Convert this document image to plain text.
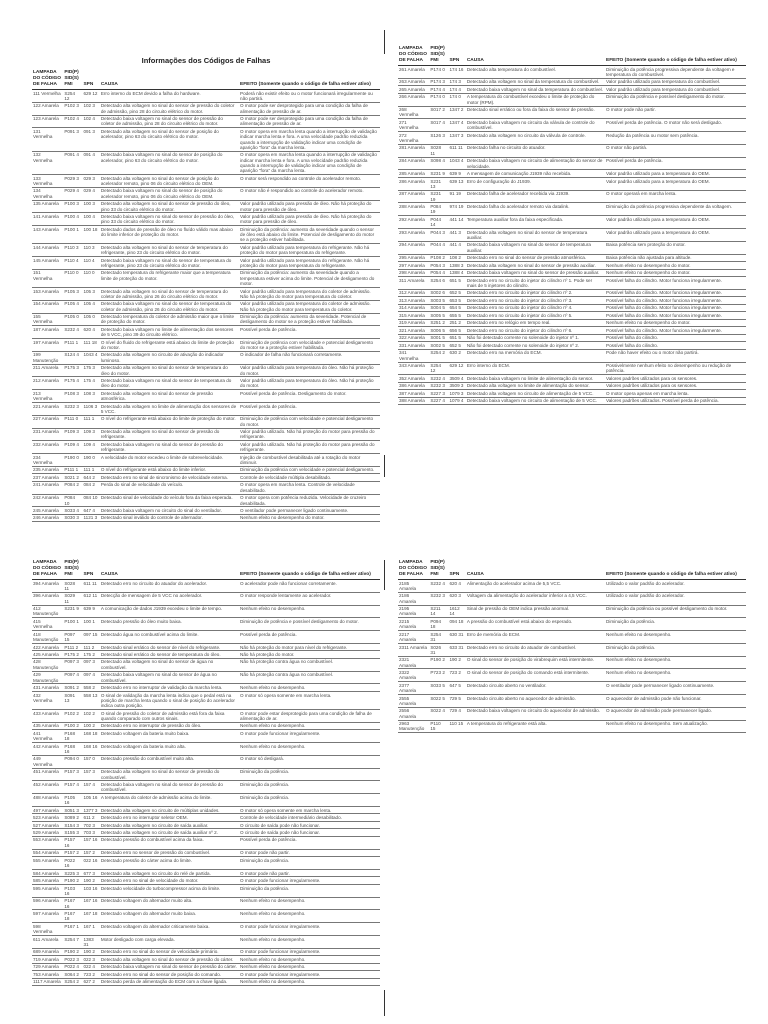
Informações dos Códigos de Falhas
LAMPADA DO CÓDIGO DE FALHA	PID(P) SID(S) FMI	SPN	CAUSA	EFEITO (Somente quando o código de falha estiver ativo)
111 Vermelha	S254 12	629 12	Erro interno do ECM devido a falha do hardware.	Poderá não existir efeito ou o motor funcionará irregularmente ou não partirá.
122 Amarela	P102 3	102 3	Detectado alta voltagem no sinal do sensor de pressão do coletor de admissão, pino 28 do circuito elétrico do motor.	O motor pode ser desprotegido para uma condição da falha de alimentação de pressão de ar.
123 Amarela	P102 4	102 4	Detectado baixa voltagem no sinal do sensor de pressão do coletor de admissão, pino 28 do circuito elétrico do motor.	O motor pode ser desprotegido para uma condição da falha de alimentação de pressão de ar.
131 Vermelha	P091 3	091 3	Detectado alta voltagem no sinal do sensor de posição do acelerador, pino 63 do circuito elétrico do motor.	O motor opera em marcha lenta quando a interrupção de validação indicar marcha lenta e fora. A uma velocidade padrão reduzida quando a interrupção de validação indicar uma condição de aparição "fora" da marcha lenta.
132 Vermelha	P091 4	091 4	Detectado baixa voltagem no sinal do sensor de posição do acelerador, pino 63 do circuito elétrico do motor.	O motor opera em marcha lenta quando a interrupção de validação indicar marcha lenta e fora. A uma velocidade padrão reduzida quando a interrupção de validação indicar uma condição de aparição "fora" da marcha lenta.
133 Vermelha	P029 3	029 3	Detectado alta voltagem no sinal do sensor de posição do acelerador remoto, pino 06 do circuito elétrico do OEM.	O motor será respondido ao controle do acelerador remoto.
134 Vermelha	P029 4	029 4	Detectado baixa voltagem no sinal do sensor de posição do acelerador remoto, pino 06 do circuito elétrico do OEM.	O motor não é respondido ao controle do acelerador remoto.
135 Amarela	P100 3	100 3	Detectado alta voltagem no sinal do sensor de pressão do óleo, pino 33 do circuito elétrico do motor.	Valor padrão utilizado para pressão de óleo. Não há proteção do motor para pressão de óleo.
141 Amarela	P100 4	100 4	Detectado baixa voltagem no sinal do sensor de pressão do óleo, pino 33 do circuito elétrico do motor.	Valor padrão utilizado para pressão de óleo. Não há proteção do motor para pressão de óleo.
143 Amarela	P100 1	100 18	Detectado dados de pressão de óleo no fluído válido mas abaixo do limite inferior de proteção do motor.	Diminuição da potência: aumento da severidade quando o sensor de óleo está abaixo do limite. Potencial de desligamento do motor se a proteção estiver habilitada.
144 Amarela	P110 3	110 3	Detectado alta voltagem no sinal do sensor de temperatura do refrigerante, pino 23 do circuito elétrico do motor.	Valor padrão utilizado para temperatura do refrigerante. Não há proteção do motor para temperatura do refrigerante.
145 Amarela	P110 4	110 4	Detectado baixa voltagem no sinal do sensor de temperatura do refrigerante, pino 23 do circuito elétrico do motor.	Valor padrão utilizado para temperatura do refrigerante. Não há proteção do motor para temperatura do refrigerante.
151 Vermelha	P110 0	110 0	Detectado temperatura do refrigerante maior que a temperatura limite de proteção do motor.	Diminuição da potência: aumento da severidade quando a temperatura estiver acima do limite. Potencial de desligamento do motor.
153 Amarela	P105 3	105 3	Detectado alta voltagem no sinal do sensor de temperatura do coletor de admissão, pino 26 do circuito elétrico do motor.	Valor padrão utilizado para temperatura do coletor de admissão. Não há proteção do motor para temperatura do coletor.
154 Amarela	P105 4	105 4	Detectado baixa voltagem no sinal do sensor de temperatura do coletor de admissão, pino 26 do circuito elétrico do motor.	Valor padrão utilizado para temperatura do coletor de admissão. Não há proteção do motor para temperatura do coletor.
155 Vermelha	P105 0	105 0	Detectado temperatura do coletor de admissão maior que o limite de proteção do motor.	Diminuição da potência: aumento da severidade. Potencial de desligamento do motor se a proteção estiver habilitada.
187 Amarela	S232 4	620 4	Detectado baixa voltagem no limite de alimentação dos sensores de 5 VCC, pino 39 do circuito elétrico.	Possível perda de potência.
197 Amarela	P111 1	111 18	O nível do fluido do refrigerante está abaixo do limite de proteção do motor.	Diminuição de potência com velocidade e potencial desligamento do motor se a proteção estiver habilitada.
199 Manutenção	S124 4	1043 4	Detectado alta voltagem no circuito de ativação do indicador luminoso.	O indicador de falha não funcionará corretamente.
211 Amarela	P175 3	175 3	Detectado alta voltagem no sinal do sensor de temperatura do óleo do motor.	Valor padrão utilizado para temperatura do óleo. Não há proteção do motor.
212 Amarela	P175 4	175 4	Detectado baixa voltagem no sinal do sensor de temperatura do óleo do motor.	Valor padrão utilizado para temperatura do óleo. Não há proteção do motor.
213 Vermelha	P108 3	108 3	Detectado alta voltagem no sinal do sensor de pressão atmosférica.	Possível perda de potência. Desligamento do motor.
221 Amarela	S232 3	1106 3	Detectado alta voltagem no limite de alimentação dos sensores de 5 VCC.	Possível perda de potência.
227 Amarela	P111 0	111 1	O nível do refrigerante está abaixo do limite de proteção do motor.	Diminuição de potência com velocidade e potencial desligamento do motor.
231 Amarela	P109 3	109 3	Detectado alta voltagem no sinal do sensor de pressão do refrigerante.	Valor padrão utilizado. Não há proteção do motor para pressão do refrigerante.
232 Amarela	P109 4	109 4	Detectado baixa voltagem no sinal do sensor de pressão do refrigerante.	Valor padrão utilizado. Não há proteção do motor para pressão do refrigerante.
234 Vermelha	P190 0	190 0	A velocidade do motor excedeu o limite de sobrevelocidade.	Injeção de combustível desabilitada até a rotação do motor diminuir.
235 Amarela	P111 1	111 1	O nível do refrigerante está abaixo do limite inferior.	Diminuição da potência com velocidade e potencial desligamento.
237 Amarela	S021 2	644 2	Detectado erro no sinal de sincronismo de velocidade externa.	Controle de velocidade múltipla desabilitado.
241 Amarela	P084 2	084 2	Perda do sinal de velocidade do veículo.	O motor opera em marcha lenta. Controle de velocidade desabilitado.
242 Amarela	P084 10	084 10	Detectado sinal de velocidade do veículo fora da faixa esperada.	O motor opera com potência reduzida. Velocidade de cruzeiro desabilitada.
245 Amarela	S033 4	647 4	Detectado baixa voltagem no circuito do sinal do ventilador.	O ventilador pode permanecer ligado continuamente.
246 Amarela	S030 3	1121 3	Detectado sinal inválido do controle de alternador.	Nenhum efeito no desempenho do motor.
LAMPADA DO CÓDIGO DE FALHA	PID(P) SID(S) FMI	SPN	CAUSA	EFEITO (Somente quando o código de falha estiver ativo)
261 Amarela	P174 0	174 16	Detectado alta temperatura do combustível.	Diminuição da potência progressiva dependente da voltagem e temperatura do combustível.
263 Amarela	P174 3	174 3	Detectado alta voltagem no sinal da temperatura do combustível.	Valor padrão utilizado para temperatura do combustível.
265 Amarela	P174 4	174 4	Detectado baixa voltagem no sinal da temperatura do combustível.	Valor padrão utilizado para temperatura do combustível.
266 Amarela	P174 0	174 0	A temperatura do combustível excedeu o limite de proteção do motor (RPM).	Diminuição da potência e possível desligamento do motor.
268 Vermelha	S017 2	1347 2	Detectado sinal errático ou fora da faixa do sensor de pressão.	O motor pode não partir.
271 Vermelha	S017 4	1347 4	Detectado baixa voltagem no circuito da válvula de controle do combustível.	Possível perda de potência. O motor não será desligado.
272 Vermelha	S126 3	1347 3	Detectado alta voltagem no circuito da válvula de controle.	Redução da potência ou motor sem potência.
281 Amarela	S028 11	611 11	Detectado falha no circuito do atuador.	O motor não partirá.
284 Amarela	S098 4	1043 4	Detectado baixa voltagem no circuito de alimentação do sensor de velocidade.	Possível perda de potência.
285 Amarela	S231 9	639 9	A mensagem de comunicação J1939 não recebida.	Valor padrão utilizado para a temperatura do OEM.
286 Amarela	S231 13	639 13	Erro de configuração do J1939.	Valor padrão utilizado para a temperatura do OEM.
287 Amarela	S231 19	91 19	Detectado falha de acelerador recebida via J1939.	O motor operará em marcha lenta.
288 Amarela	P084 19	974 19	Detectado falha do acelerador remoto via datalink.	Diminuição da potência progressiva dependente da voltagem.
292 Amarela	P044 14	441 14	Temperatura auxiliar fora da faixa especificada.	Valor padrão utilizado para a temperatura do OEM.
293 Amarela	P044 3	441 3	Detectado alta voltagem no sinal do sensor de temperatura auxiliar.	Valor padrão utilizado para a temperatura do OEM.
294 Amarela	P044 4	441 4	Detectado baixa voltagem no sinal do sensor de temperatura auxiliar.	Baixa potência sem proteção do motor.
295 Amarela	P108 2	108 2	Detectado erro no sinal do sensor de pressão atmosférica.	Baixa potência não ajustada para altitude.
297 Amarela	P054 3	1388 3	Detectado alta voltagem no sinal do sensor de pressão auxiliar.	Nenhum efeito no desempenho do motor.
298 Amarela	P054 4	1388 4	Detectado baixa voltagem no sinal do sensor de pressão auxiliar.	Nenhum efeito no desempenho do motor.
311 Amarela	S254 6	651 5	Detectado erro no circuito do injetor do cilindro nº 1. Pode ser mais de 5 injetores do cilindro.	Possível falha do cilindro. Motor funciona irregularmente.
312 Amarela	S002 6	652 5	Detectado erro no circuito do injetor do cilindro nº 2.	Possível falha do cilindro. Motor funciona irregularmente.
313 Amarela	S003 5	653 5	Detectado erro no circuito do injetor do cilindro nº 3.	Possível falha do cilindro. Motor funciona irregularmente.
314 Amarela	S004 5	654 5	Detectado erro no circuito do injetor do cilindro nº 4.	Possível falha do cilindro. Motor funciona irregularmente.
315 Amarela	S005 5	655 5	Detectado erro no circuito do injetor do cilindro nº 5.	Possível falha do cilindro. Motor funciona irregularmente.
319 Amarela	S251 2	251 2	Detectado erro no relógio em tempo real.	Nenhum efeito no desempenho do motor.
321 Amarela	S006 5	656 5	Detectado erro no circuito do injetor do cilindro nº 6.	Possível falha do cilindro. Motor funciona irregularmente.
322 Amarela	S001 5	651 5	Não foi detectado corrente no solenoide do injetor nº 1.	Possível falha do cilindro.
331 Amarela	S002 5	652 5	Não foi detectado corrente no solenoide do injetor nº 2.	Possível falha do cilindro.
341 Vermelha	S254 2	630 2	Detectado erro na memória do ECM.	Pode não haver efeito ou o motor não partirá.
343 Amarela	S254 12	629 12	Erro interno do ECM.	Possivelmente nenhum efeito no desempenho ou redução de potência.
352 Amarela	S232 4	3509 4	Detectado baixa voltagem no limite de alimentação do sensor.	Valores padrões utilizados para os sensores.
386 Amarela	S232 3	3509 3	Detectado alta voltagem no limite de alimentação do sensor.	Valores padrões utilizados para os sensores.
387 Amarela	S227 3	1079 3	Detectado alta voltagem no circuito de alimentação de 5 VCC.	O motor opera apenas em marcha lenta.
388 Amarela	S227 4	1079 4	Detectado baixa voltagem no circuito de alimentação de 5 VCC.	Valores padrões utilizados. Possível perda de potência.
LAMPADA DO CÓDIGO DE FALHA	PID(P) SID(S) FMI	SPN	CAUSA	EFEITO (Somente quando o código de falha estiver ativo)
394 Amarela	S028 11	611 11	Detectado erro no circuito do atuador do acelerador.	O acelerador pode não funcionar corretamente.
396 Amarela	S029 11	612 11	Detecção de mensagem de 5 VCC no acelerador.	O motor responde lentamente ao acelerador.
412 Manutenção	S231 9	639 9	A comunicação de dados J1939 excedeu o limite de tempo.	Nenhum efeito no desempenho.
415 Vermelha	P100 1	100 1	Detectado pressão do óleo muito baixa.	Diminuição de potência e possível desligamento do motor.
418 Manutenção	P097 15	097 15	Detectado água no combustível acima do limite.	Possível perda de potência.
422 Amarela	P111 2	111 2	Detectado sinal errático do sensor de nível do refrigerante.	Não há proteção do motor para nível do refrigerante.
425 Amarela	P175 2	175 2	Detectado sinal errático do sensor de temperatura do óleo.	Não há proteção do motor.
428 Manutenção	P097 3	097 3	Detectado alta voltagem no sinal do sensor de água no combustível.	Não há proteção contra água no combustível.
429 Manutenção	P097 4	097 4	Detectado baixa voltagem no sinal do sensor de água no combustível.	Não há proteção contra água no combustível.
431 Amarela	S091 2	558 2	Detectado erro no interruptor de validação da marcha lenta.	Nenhum efeito no desempenho.
432 Vermelha	S091 13	558 13	O sinal de validação da marcha lenta indica que o pedal está na posição de marcha lenta quando o sinal de posição do acelerador indica outra posição.	O motor só opera somente em marcha lenta.
433 Amarela	P102 2	102 2	O sinal de pressão do coletor de admissão está fora da faixa quando comparado com outros sinais.	O motor pode estar desprotegido para uma condição de falha de alimentação de ar.
435 Amarela	P100 2	100 2	Detectado erro no interruptor de pressão do óleo.	Nenhum efeito no desempenho.
441 Vermelha	P168 18	168 18	Detectado voltagem da bateria muito baixa.	O motor pode funcionar irregularmente.
442 Amarela	P168 16	168 16	Detectado voltagem da bateria muito alta.	Nenhum efeito no desempenho.
449 Vermelha	P094 0	157 0	Detectado pressão do combustível muito alta.	O motor só desligará.
451 Amarela	P157 3	157 3	Detectado alta voltagem no sinal do sensor de pressão do combustível.	Diminuição da potência.
452 Amarela	P157 4	157 4	Detectado baixa voltagem no sinal do sensor de pressão do combustível.	Diminuição da potência.
488 Amarela	P105 16	105 16	A temperatura do coletor de admissão acima do limite.	Diminuição da potência.
497 Amarela	S051 3	1377 3	Detectado alta voltagem no circuito de múltiplas unidades.	O motor só opera somente em marcha lenta.
523 Amarela	S089 2	611 2	Detectado erro no interruptor seletor OEM.	Controle de velocidade intermediário desabilitado.
527 Amarela	S154 3	702 3	Detectado alta voltagem no circuito de saída auxiliar.	O circuito de saída pode não funcionar.
529 Amarela	S155 3	703 3	Detectado alta voltagem no circuito de saída auxiliar nº 2.	O circuito de saída pode não funcionar.
553 Amarela	P157 16	157 16	Detectado pressão do combustível acima da faixa.	Possível perda de potência.
554 Amarela	P157 2	157 2	Detectado erro no sensor de pressão do combustível.	O motor pode não partir.
555 Amarela	P022 16	022 16	Detectado pressão do cárter acima do limite.	Diminuição da potência.
584 Amarela	S225 3	677 3	Detectado alta voltagem no circuito do relé de partida.	O motor pode não partir.
585 Amarela	P190 2	190 2	Detectado erro no sinal de velocidade do motor.	O motor pode funcionar irregularmente.
595 Amarela	P103 16	103 16	Detectado velocidade do turbocompressor acima do limite.	Diminuição da potência.
596 Amarela	P167 16	167 16	Detectado voltagem do alternador muito alta.	Nenhum efeito no desempenho.
597 Amarela	P167 18	167 18	Detectado voltagem do alternador muito baixa.	Nenhum efeito no desempenho.
598 Vermelha	P167 1	167 1	Detectado voltagem do alternador criticamente baixa.	O motor pode funcionar irregularmente.
611 Amarela	S254 7	1383 31	Motor desligado com carga elevada.	Nenhum efeito no desempenho.
689 Amarela	P190 2	190 2	Detectado erro no sinal do sensor de velocidade primário.	O motor pode funcionar irregularmente.
719 Amarela	P022 3	022 3	Detectado alta voltagem no sinal do sensor de pressão do cárter.	Nenhum efeito no desempenho.
729 Amarela	P022 4	022 4	Detectado baixa voltagem no sinal do sensor de pressão do cárter.	Nenhum efeito no desempenho.
753 Amarela	S064 2	723 2	Detectado erro no sinal do sensor de posição do comando.	O motor pode funcionar irregularmente.
1117 Amarela	S254 2	627 2	Detectado perda de alimentação do ECM com a chave ligada.	Nenhum efeito no desempenho.
LAMPADA DO CÓDIGO DE FALHA	PID(P) SID(S) FMI	SPN	CAUSA	EFEITO (Somente quando o código de falha estiver ativo)
2185 Amarela	S232 4	620 4	Alimentação do acelerador acima de 5,5 VCC.	Utilizado o valor padrão do acelerador.
2186 Amarela	S232 3	620 3	Voltagem da alimentação do acelerador inferior a 4,5 VCC.	Utilizado o valor padrão do acelerador.
2195 Amarela	S211 14	1612 14	Sinal de pressão do OEM indica pressão anormal.	Diminuição da potência ou possível desligamento do motor.
2215 Amarela	P094 18	094 18	A pressão do combustível está abaixo do esperado.	Diminuição da potência.
2217 Amarela	S254 31	630 31	Erro de memória do ECM.	Nenhum efeito no desempenho.
2311 Amarela	S026 31	633 31	Detectado erro no circuito do atuador de combustível.	Diminuição da potência.
2321 Amarela	P190 2	190 2	O sinal do sensor de posição do virabrequim está intermitente.	Nenhum efeito no desempenho.
2322 Amarela	P723 2	723 2	O sinal do sensor de posição do comando está intermitente.	Nenhum efeito no desempenho.
2377 Amarela	S033 5	647 5	Detectado circuito aberto no ventilador.	O ventilador pode permanecer ligado continuamente.
2555 Amarela	S022 5	729 5	Detectado circuito aberto no aquecedor de admissão.	O aquecedor de admissão pode não funcionar.
2556 Amarela	S022 4	729 4	Detectado baixa voltagem no circuito do aquecedor de admissão.	O aquecedor de admissão pode permanecer ligado.
2963 Manutenção	P110 15	110 15	A temperatura do refrigerante está alta.	Nenhum efeito no desempenho. Sem atualização.
